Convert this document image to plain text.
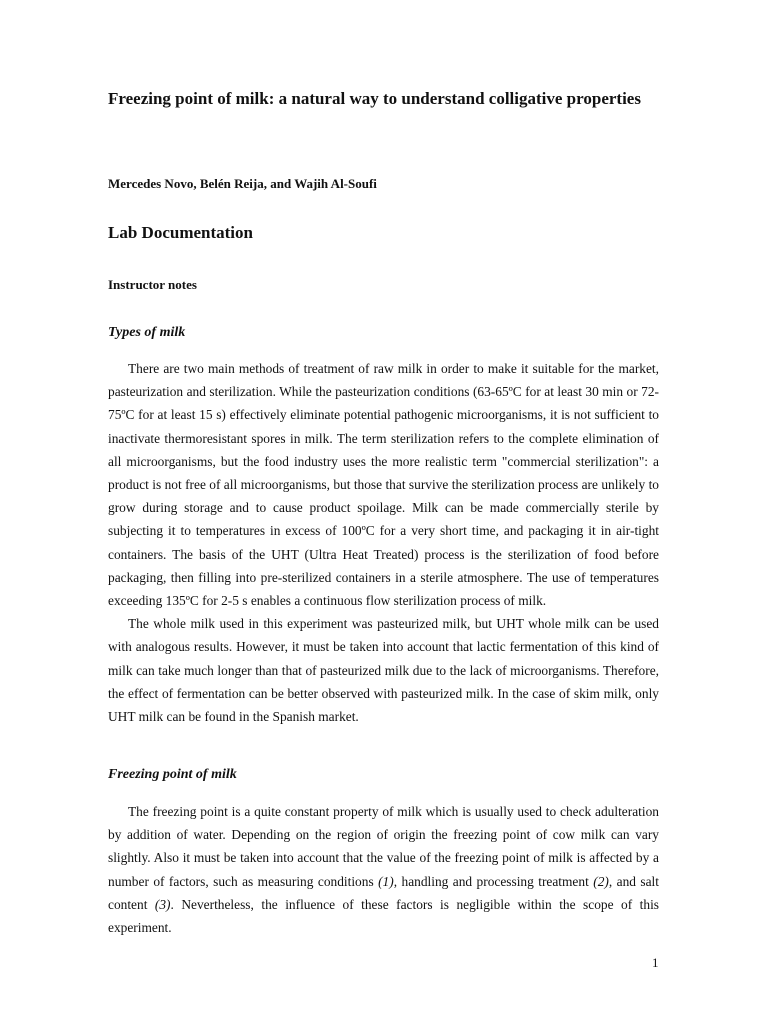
Freezing point of milk: a natural way to understand colligative properties

Mercedes Novo, Belén Reija, and Wajih Al-Soufi

Lab Documentation
Instructor notes
Types of milk

There are two main methods of treatment of raw milk in order to make it suitable for the market, pasteurization and sterilization. While the pasteurization conditions (63-65ºC for at least 30 min or 72-75ºC for at least 15 s) effectively eliminate potential pathogenic microorganisms, it is not sufficient to inactivate thermoresistant spores in milk. The term sterilization refers to the complete elimination of all microorganisms, but the food industry uses the more realistic term "commercial sterilization": a product is not free of all microorganisms, but those that survive the sterilization process are unlikely to grow during storage and to cause product spoilage. Milk can be made commercially sterile by subjecting it to temperatures in excess of 100ºC for a very short time, and packaging it in air-tight containers. The basis of the UHT (Ultra Heat Treated) process is the sterilization of food before packaging, then filling into pre-sterilized containers in a sterile atmosphere. The use of temperatures exceeding 135ºC for 2-5 s enables a continuous flow sterilization process of milk.

The whole milk used in this experiment was pasteurized milk, but UHT whole milk can be used with analogous results. However, it must be taken into account that lactic fermentation of this kind of milk can take much longer than that of pasteurized milk due to the lack of microorganisms. Therefore, the effect of fermentation can be better observed with pasteurized milk. In the case of skim milk, only UHT milk can be found in the Spanish market.

Freezing point of milk

The freezing point is a quite constant property of milk which is usually used to check adulteration by addition of water. Depending on the region of origin the freezing point of cow milk can vary slightly. Also it must be taken into account that the value of the freezing point of milk is affected by a number of factors, such as measuring conditions (1), handling and processing treatment (2), and salt content (3). Nevertheless, the influence of these factors is negligible within the scope of this experiment.

1
